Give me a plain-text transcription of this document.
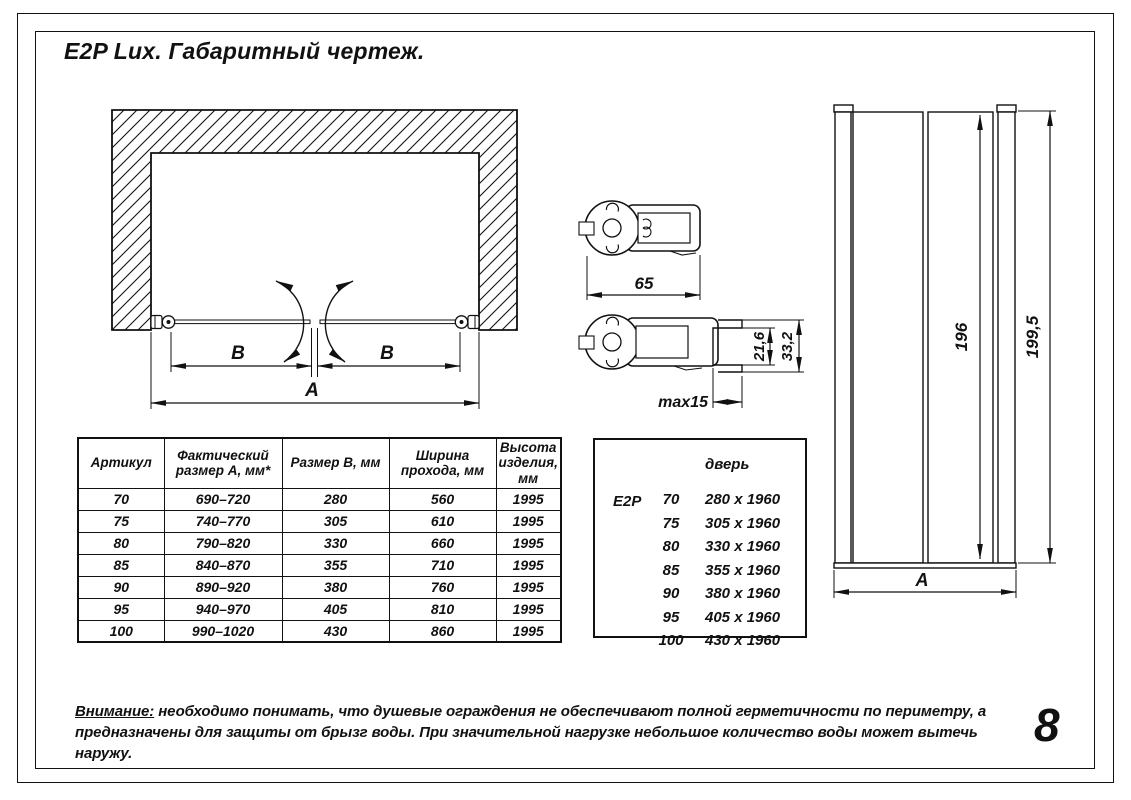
E2P Lux. Габаритный чертеж.
B	B
A
65
21,6 33,2
max15
196	199,5
A
Артикул	Фактический размер А, мм*	Размер В, мм	Ширина прохода, мм	Высота изделия, мм
70	690–720	280	560	1995
75	740–770	305	610	1995
80	790–820	330	660	1995
85	840–870	355	710	1995
90	890–920	380	760	1995
95	940–970	405	810	1995
100	990–1020	430	860	1995
дверь
E2P	70	280 x 1960
75	305 x 1960
80	330 x 1960
85	355 x 1960
90	380 x 1960
95	405 x 1960
100	430 x 1960

Внимание: необходимо понимать, что душевые ограждения не обеспечивают полной герметичности по периметру, а предназначены для защиты от брызг воды. При значительной нагрузке небольшое количество воды может вытечь наружу.

8
